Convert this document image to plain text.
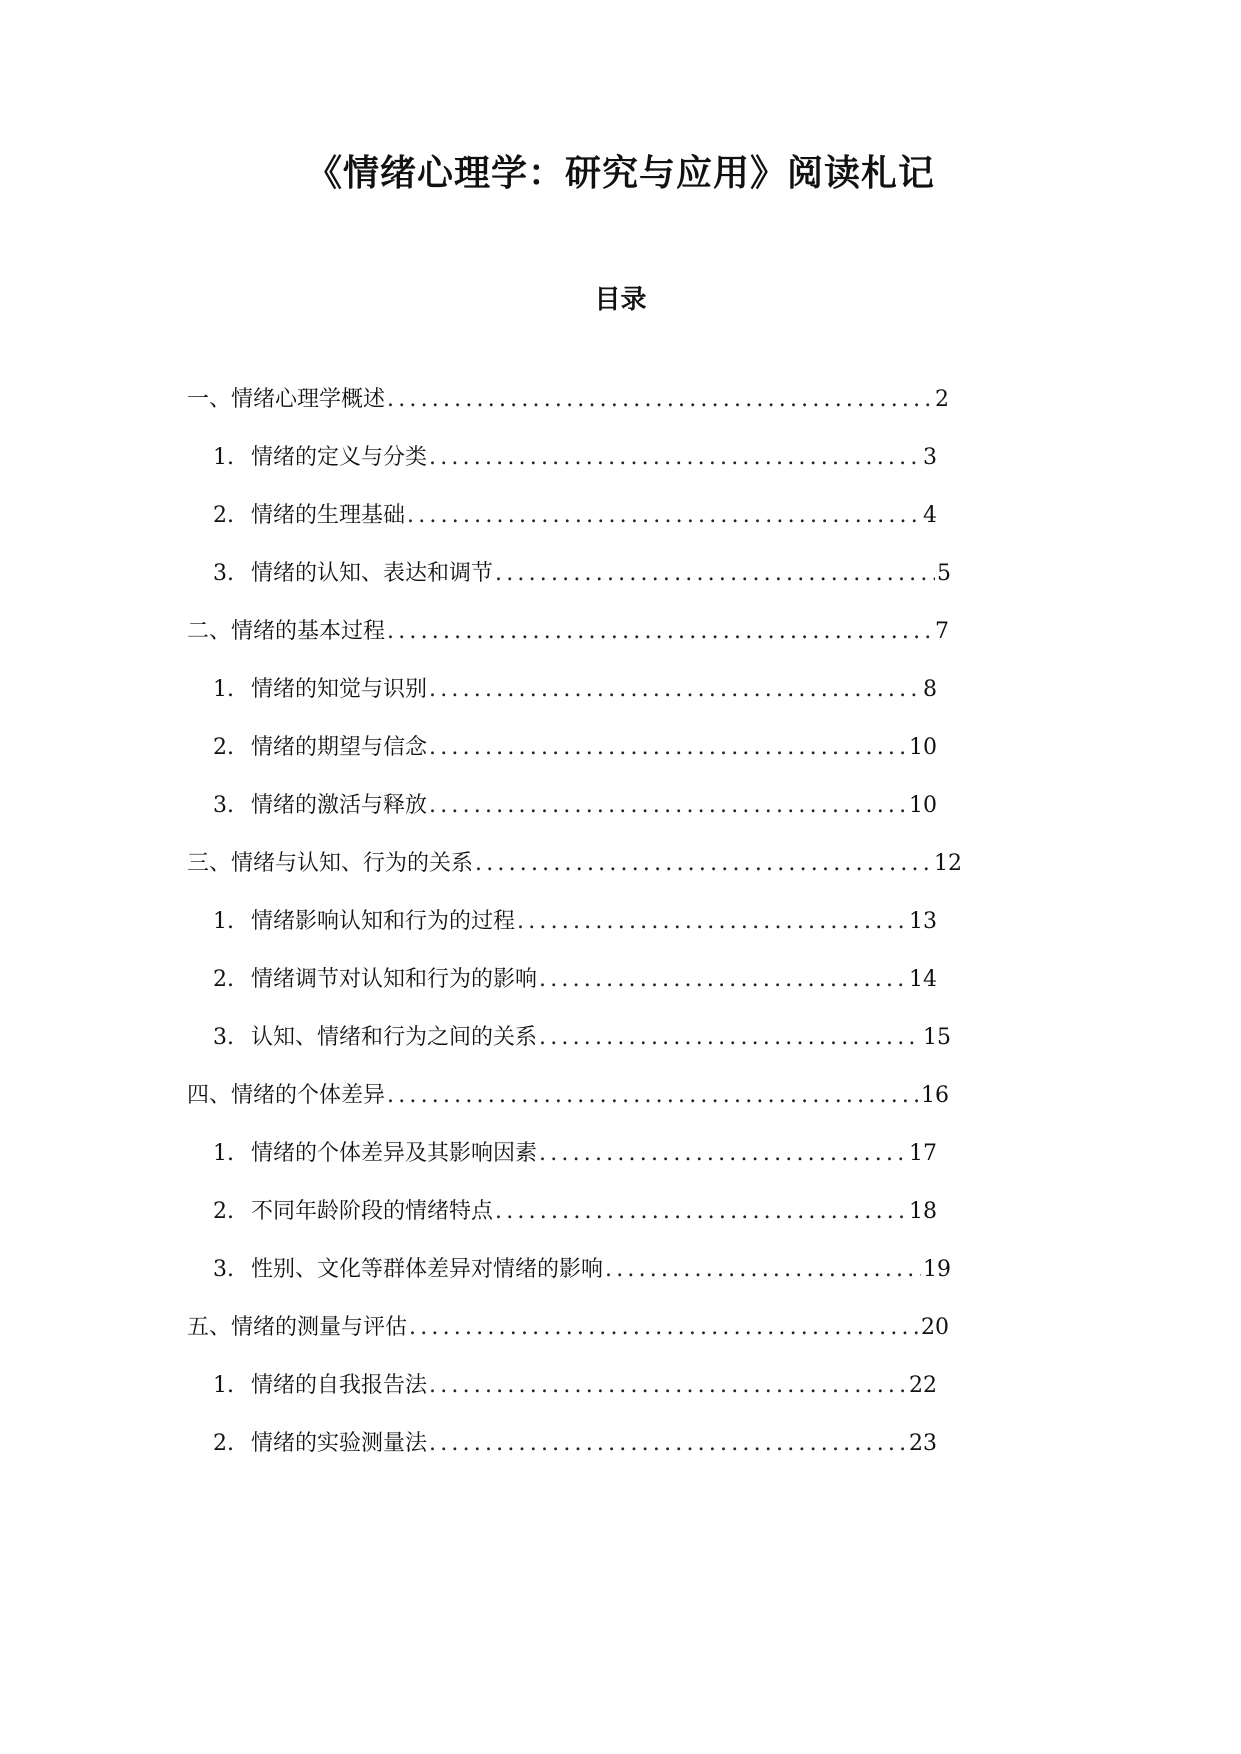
《情绪心理学：研究与应用》阅读札记
目录
一、情绪心理学概述 .....	2
1. 情绪的定义与分类 .....	3
2. 情绪的生理基础 .....	4
3. 情绪的认知、表达和调节 .....	5
二、情绪的基本过程 .....	7
1. 情绪的知觉与识别 .....	8
2. 情绪的期望与信念 .....	10
3. 情绪的激活与释放 .....	10
三、情绪与认知、行为的关系 .....	12
1. 情绪影响认知和行为的过程 .....	13
2. 情绪调节对认知和行为的影响 .....	14
3. 认知、情绪和行为之间的关系 .....	15
四、情绪的个体差异 .....	16
1. 情绪的个体差异及其影响因素 .....	17
2. 不同年龄阶段的情绪特点 .....	18
3. 性别、文化等群体差异对情绪的影响 .....	19
五、情绪的测量与评估 .....	20
1. 情绪的自我报告法 .....	22
2. 情绪的实验测量法 .....	23
